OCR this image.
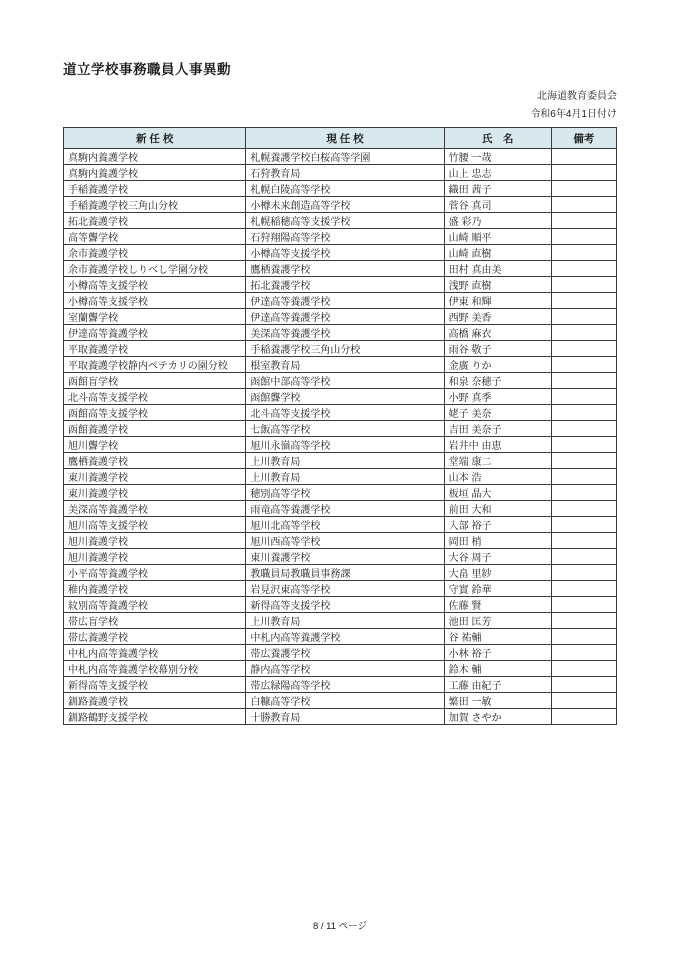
道立学校事務職員人事異動
北海道教育委員会
令和6年4月1日付け
新 任 校	現 任 校	氏　名	備考
真駒内養護学校	札幌養護学校白桜高等学園	竹腰 一哉	
真駒内養護学校	石狩教育局	山上 忠志	
手稲養護学校	札幌白陵高等学校	織田 茜子	
手稲養護学校三角山分校	小樽未来創造高等学校	菅谷 真司	
拓北養護学校	札幌稲穂高等支援学校	盛 彩乃	
高等聾学校	石狩翔陽高等学校	山崎 順平	
余市養護学校	小樽高等支援学校	山崎 直樹	
余市養護学校しりべし学園分校	鷹栖養護学校	田村 真由美	
小樽高等支援学校	拓北養護学校	浅野 直樹	
小樽高等支援学校	伊達高等養護学校	伊東 和輝	
室蘭聾学校	伊達高等養護学校	西野 美香	
伊達高等養護学校	美深高等養護学校	高橋 麻衣	
平取養護学校	手稲養護学校三角山分校	雨谷 敬子	
平取養護学校静内ペテカリの園分校	根室教育局	金廣 りか	
函館盲学校	函館中部高等学校	和泉 奈穂子	
北斗高等支援学校	函館聾学校	小野 真季	
函館高等支援学校	北斗高等支援学校	姥子 美奈	
函館養護学校	七飯高等学校	吉田 美奈子	
旭川聾学校	旭川永嶺高等学校	岩井中 由恵	
鷹栖養護学校	上川教育局	堂端 康二	
東川養護学校	上川教育局	山本 浩	
東川養護学校	穂別高等学校	板垣 晶大	
美深高等養護学校	雨竜高等養護学校	前田 大和	
旭川高等支援学校	旭川北高等学校	入部 裕子	
旭川養護学校	旭川西高等学校	岡田 梢	
旭川養護学校	東川養護学校	大谷 周子	
小平高等養護学校	教職員局教職員事務課	大畠 里紗	
稚内養護学校	岩見沢東高等学校	守實 鈴華	
紋別高等養護学校	新得高等支援学校	佐藤 賢	
帯広盲学校	上川教育局	池田 匡芳	
帯広養護学校	中札内高等養護学校	谷 祐輔	
中札内高等養護学校	帯広養護学校	小林 裕子	
中札内高等養護学校幕別分校	静内高等学校	鈴木 輔	
新得高等支援学校	帯広緑陽高等学校	工藤 由紀子	
釧路養護学校	白糠高等学校	繁田 一敏	
釧路鶴野支援学校	十勝教育局	加賀 さやか	
8 / 11 ページ
